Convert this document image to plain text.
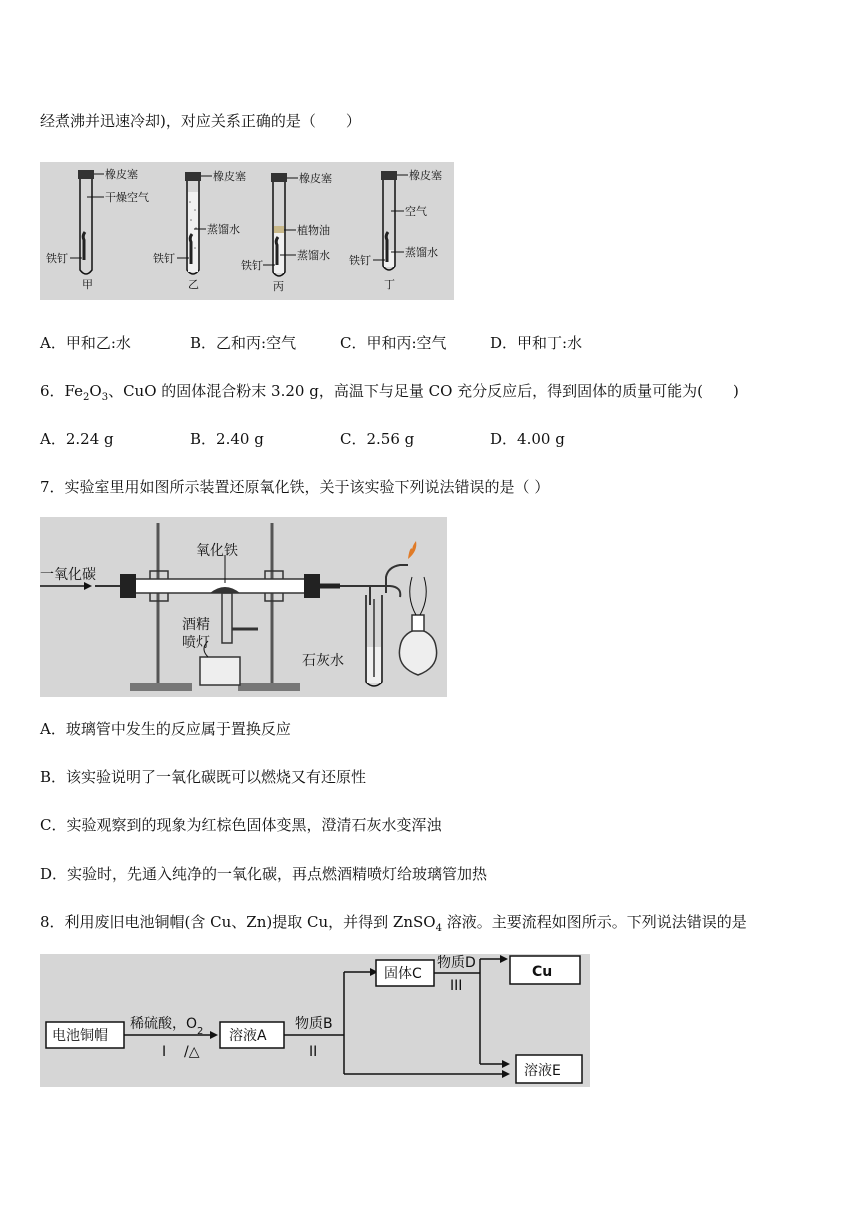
经煮沸并迅速冷却)，对应关系正确的是（　　）
橡皮塞
干燥空气
铁钉
甲
橡皮塞
蒸馏水
铁钉
乙
橡皮塞
植物油
蒸馏水
铁钉
丙
橡皮塞
空气
蒸馏水
铁钉
丁
A．甲和乙:水	B．乙和丙:空气	C．甲和丙:空气	D．甲和丁:水
6．$Fe_2O_3$、CuO 的固体混合粉末 3.20 g，高温下与足量 CO 充分反应后，得到固体的质量可能为(　　)
A．2.24 g	B．2.40 g	C．2.56 g	D．4.00 g
7．实验室里用如图所示装置还原氧化铁，关于该实验下列说法错误的是（ ）
一氧化碳
氧化铁
酒精
喷灯
石灰水
A．玻璃管中发生的反应属于置换反应
B．该实验说明了一氧化碳既可以燃烧又有还原性
C．实验观察到的现象为红棕色固体变黑，澄清石灰水变浑浊
D．实验时，先通入纯净的一氧化碳，再点燃酒精喷灯给玻璃管加热
8．利用废旧电池铜帽(含 Cu、Zn)提取 Cu，并得到 ZnSO$_4$ 溶液。主要流程如图所示。下列说法错误的是
电池铜帽
稀硫酸，$O_2$
I /△
溶液A
物质B
II
固体C
物质D
III
Cu
溶液E
